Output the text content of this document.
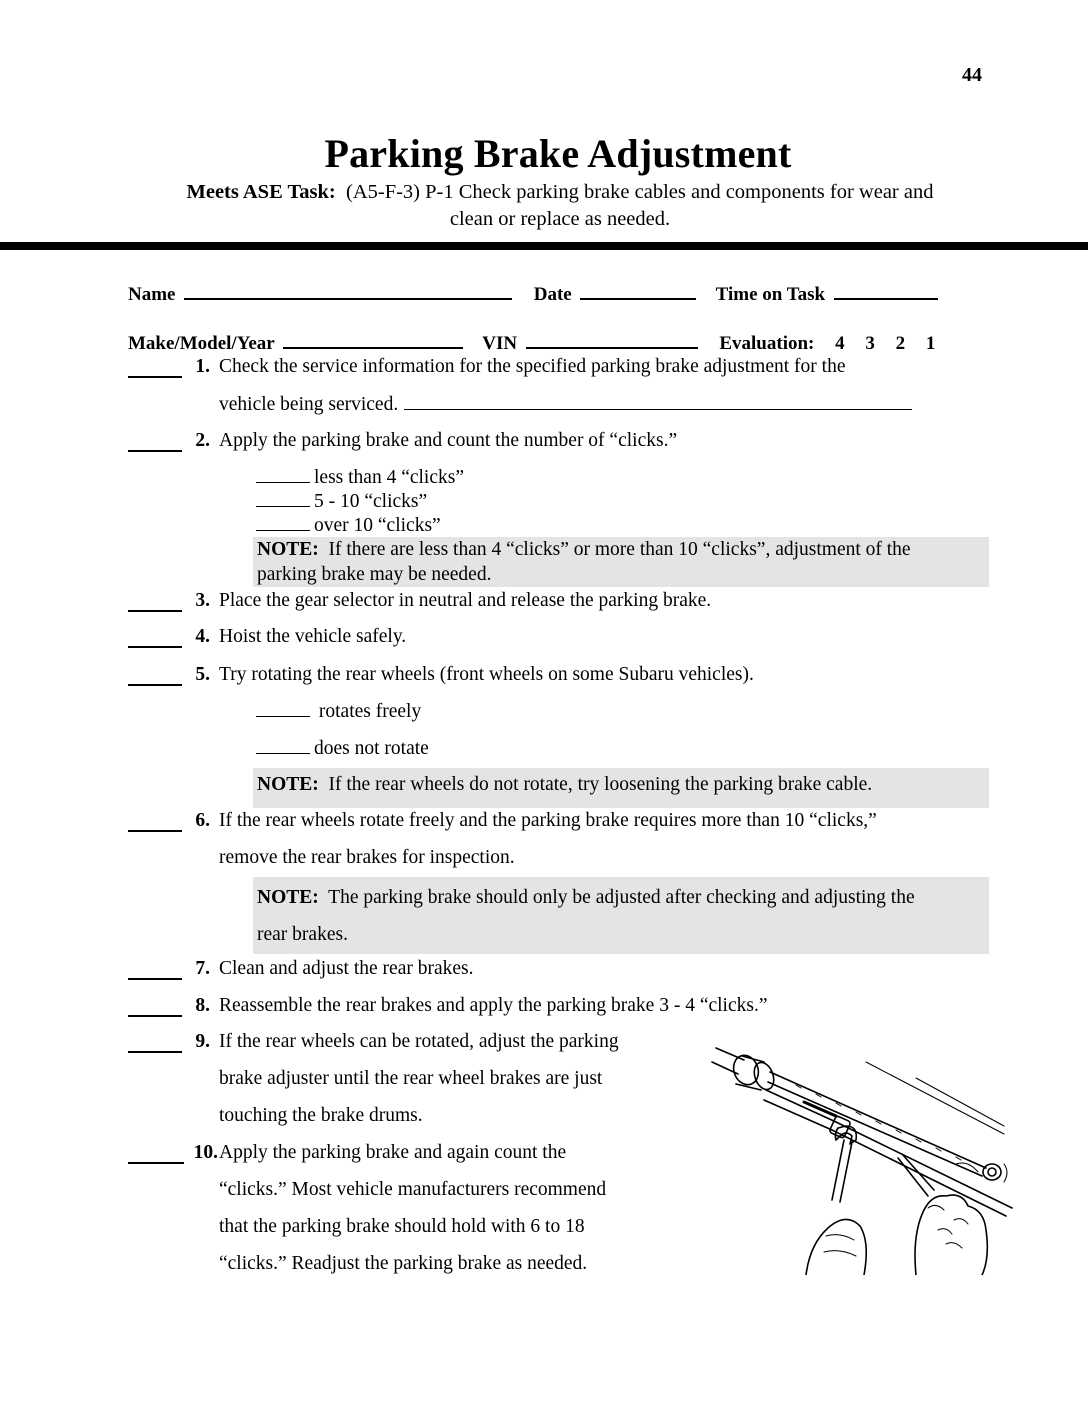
44
Parking Brake Adjustment
Meets ASE Task: (A5-F-3) P-1 Check parking brake cables and components for wear and
clean or replace as needed.
Name	Date	Time on Task
Make/Model/Year	VIN	Evaluation: 4 3 2 1
1. Check the service information for the specified parking brake adjustment for the
vehicle being serviced.
2. Apply the parking brake and count the number of “clicks.”
less than 4 “clicks”
5 - 10 “clicks”
over 10 “clicks”
NOTE: If there are less than 4 “clicks” or more than 10 “clicks”, adjustment of the
parking brake may be needed.
3. Place the gear selector in neutral and release the parking brake.
4. Hoist the vehicle safely.
5. Try rotating the rear wheels (front wheels on some Subaru vehicles).
rotates freely
does not rotate
NOTE: If the rear wheels do not rotate, try loosening the parking brake cable.
6. If the rear wheels rotate freely and the parking brake requires more than 10 “clicks,”
remove the rear brakes for inspection.
NOTE: The parking brake should only be adjusted after checking and adjusting the
rear brakes.
7. Clean and adjust the rear brakes.
8. Reassemble the rear brakes and apply the parking brake 3 - 4 “clicks.”
9. If the rear wheels can be rotated, adjust the parking
brake adjuster until the rear wheel brakes are just
touching the brake drums.
10. Apply the parking brake and again count the
“clicks.” Most vehicle manufacturers recommend
that the parking brake should hold with 6 to 18
“clicks.” Readjust the parking brake as needed.
